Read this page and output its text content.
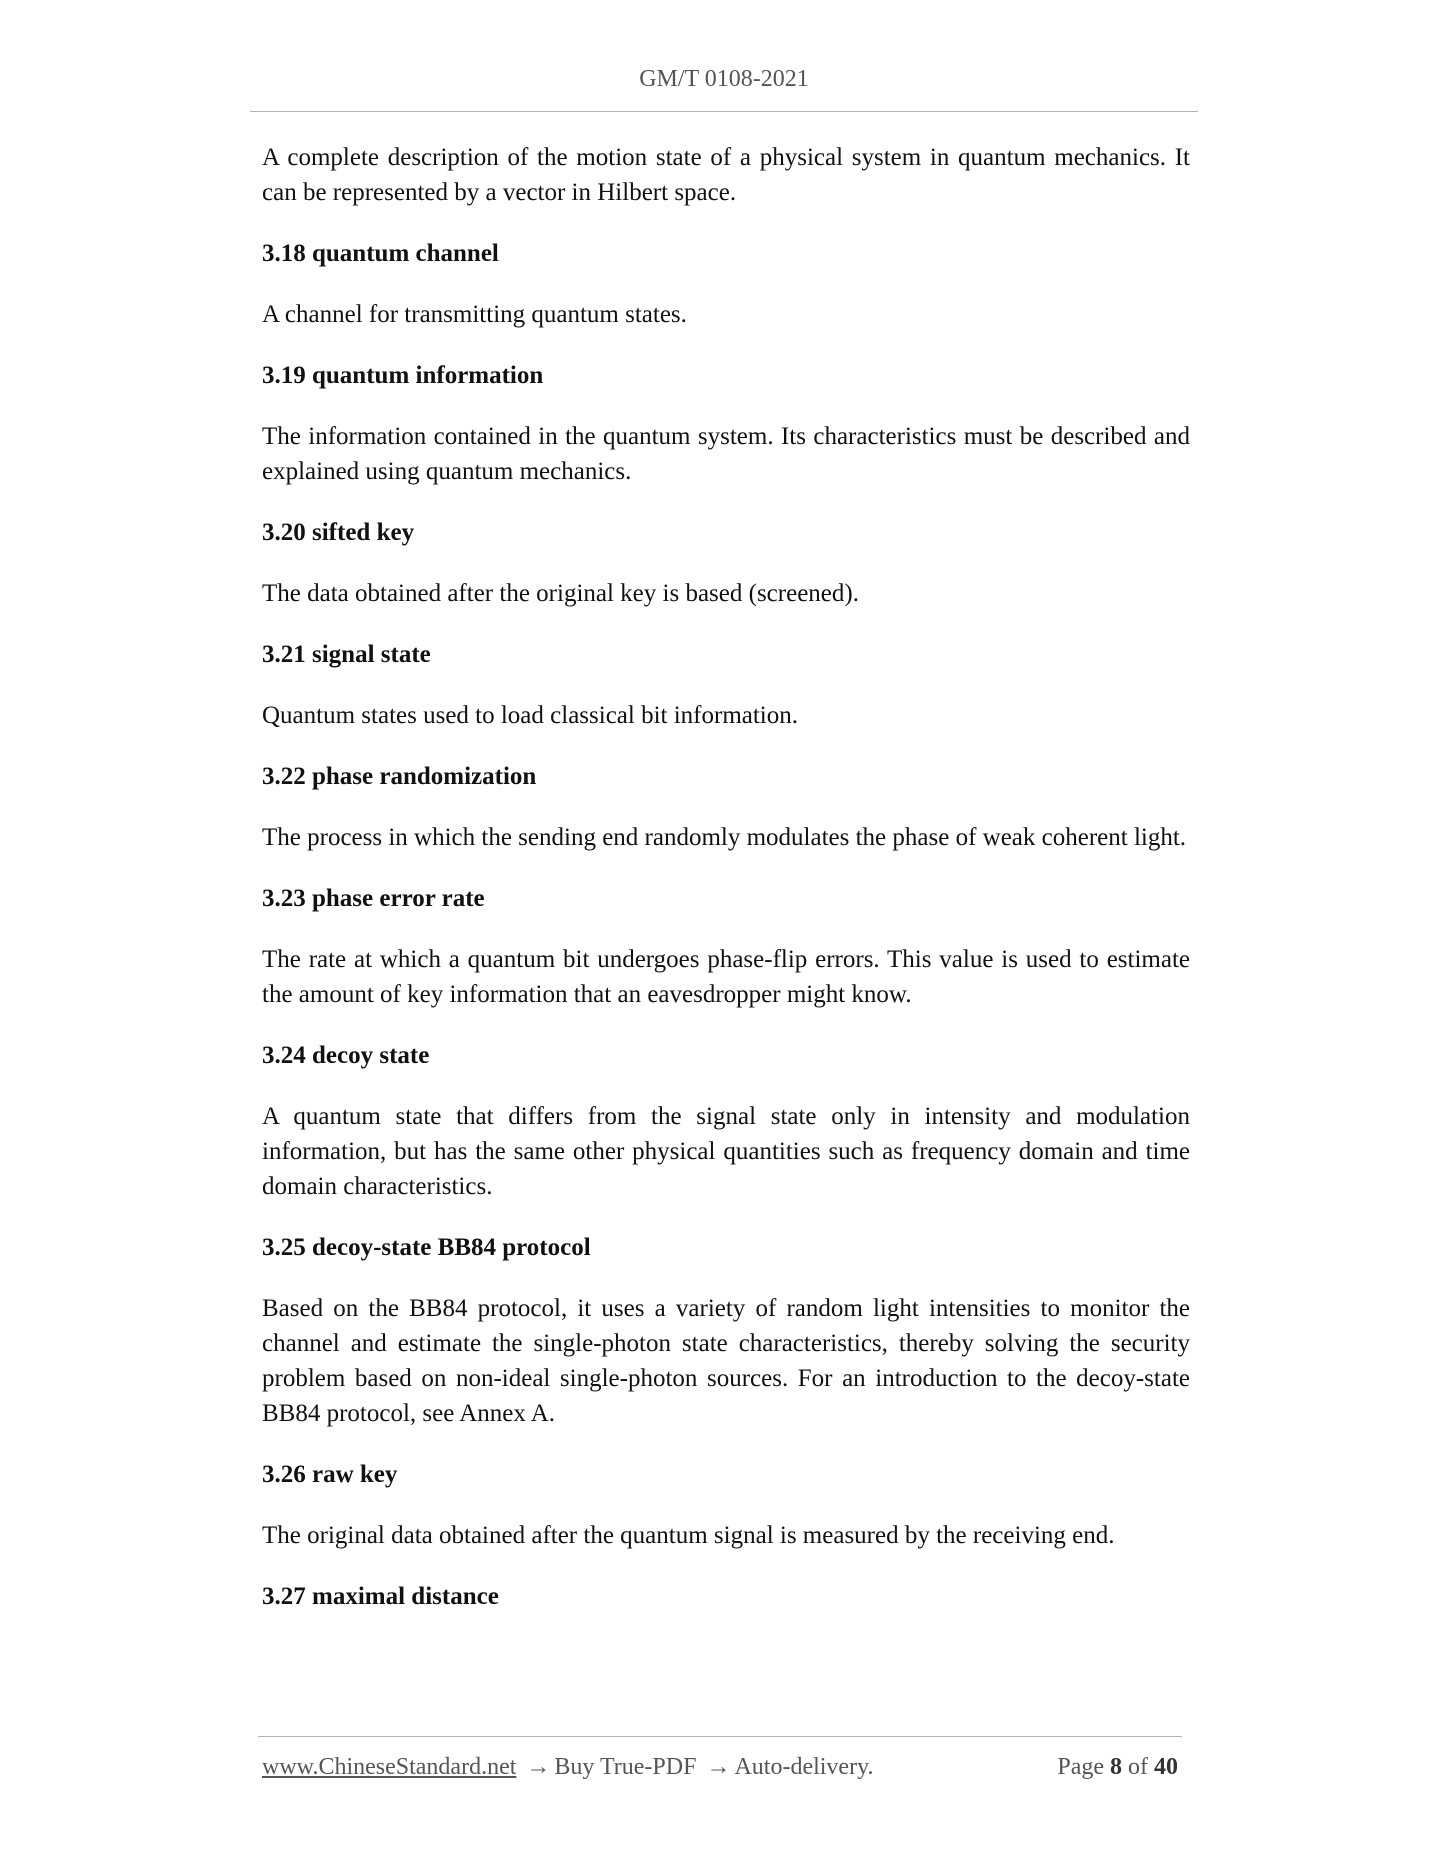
GM/T 0108-2021

A complete description of the motion state of a physical system in quantum mechanics. It can be represented by a vector in Hilbert space.

3.18 quantum channel

A channel for transmitting quantum states.

3.19 quantum information

The information contained in the quantum system. Its characteristics must be described and explained using quantum mechanics.

3.20 sifted key

The data obtained after the original key is based (screened).

3.21 signal state

Quantum states used to load classical bit information.

3.22 phase randomization

The process in which the sending end randomly modulates the phase of weak coherent light.

3.23 phase error rate

The rate at which a quantum bit undergoes phase-flip errors. This value is used to estimate the amount of key information that an eavesdropper might know.

3.24 decoy state

A quantum state that differs from the signal state only in intensity and modulation information, but has the same other physical quantities such as frequency domain and time domain characteristics.

3.25 decoy-state BB84 protocol

Based on the BB84 protocol, it uses a variety of random light intensities to monitor the channel and estimate the single-photon state characteristics, thereby solving the security problem based on non-ideal single-photon sources. For an introduction to the decoy-state BB84 protocol, see Annex A.

3.26 raw key

The original data obtained after the quantum signal is measured by the receiving end.

3.27 maximal distance

www.ChineseStandard.net → Buy True-PDF → Auto-delivery.	Page 8 of 40
